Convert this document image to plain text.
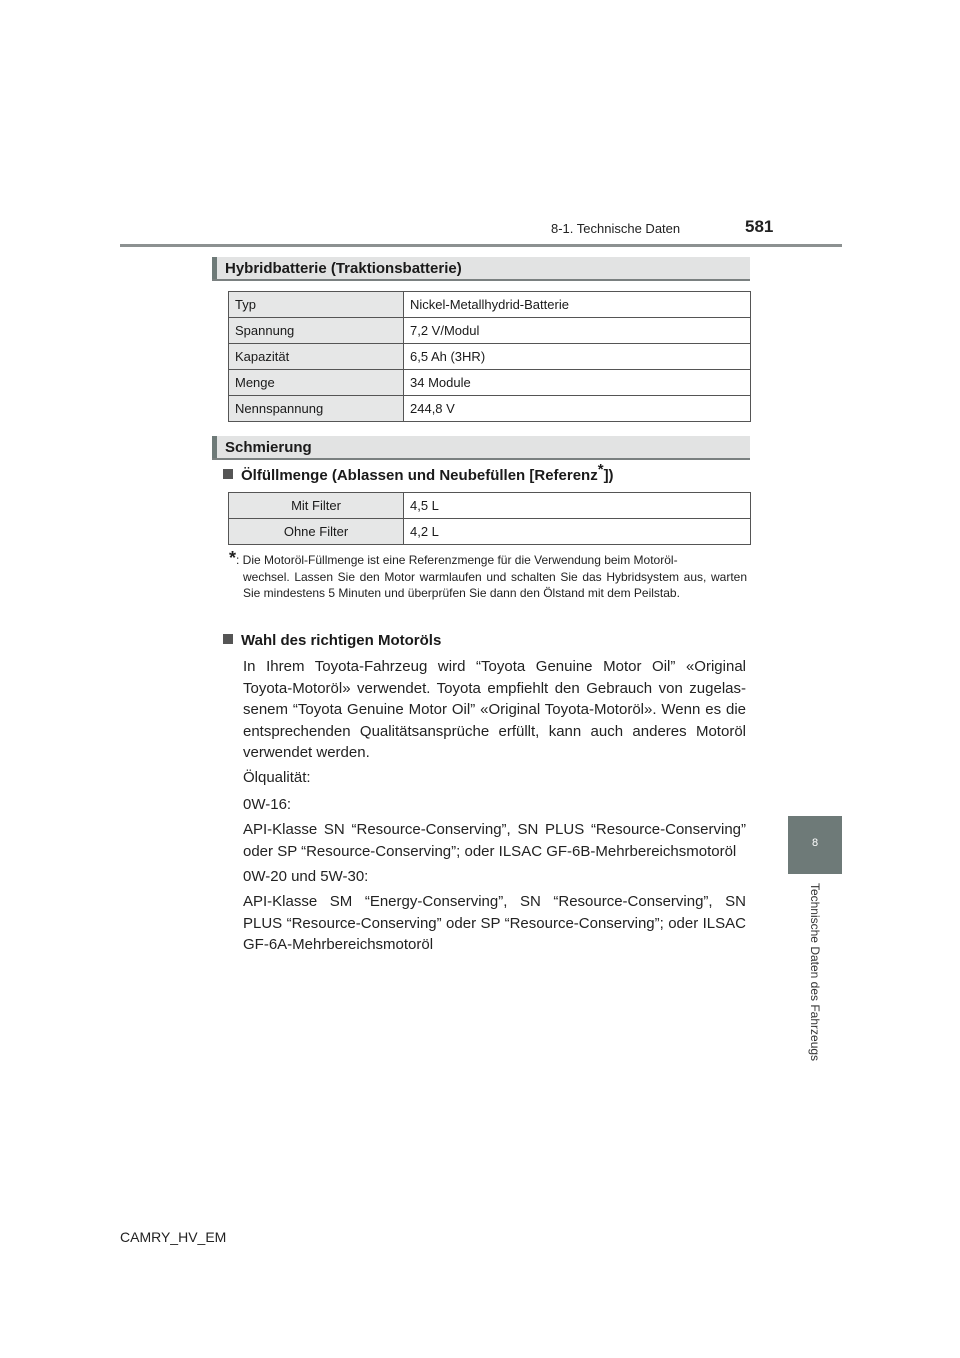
8-1. Technische Daten	581
8
Technische Daten des Fahrzeugs
Hybridbatterie (Traktionsbatterie)
Typ	Nickel-Metallhydrid-Batterie
Spannung	7,2 V/Modul
Kapazität	6,5 Ah (3HR)
Menge	34 Module
Nennspannung	244,8 V
Schmierung
Ölfüllmenge (Ablassen und Neubefüllen [Referenz*])
Mit Filter	4,5 L
Ohne Filter	4,2 L
*: Die Motoröl-Füllmenge ist eine Referenzmenge für die Verwendung beim Motoröl-
wechsel. Lassen Sie den Motor warmlaufen und schalten Sie das Hybridsystem aus, warten Sie mindestens 5 Minuten und überprüfen Sie dann den Ölstand mit dem Peilstab.
Wahl des richtigen Motoröls
In Ihrem Toyota-Fahrzeug wird “Toyota Genuine Motor Oil” «Original Toyota-Motoröl» verwendet. Toyota empfiehlt den Gebrauch von zugelassenem “Toyota Genuine Motor Oil” «Original Toyota-Motoröl». Wenn es die entsprechenden Qualitätsansprüche erfüllt, kann auch anderes Motoröl verwendet werden.
Ölqualität:
0W-16:
API-Klasse SN “Resource-Conserving”, SN PLUS “Resource-Conserving” oder SP “Resource-Conserving”; oder ILSAC GF-6B-Mehrbereichsmotoröl
0W-20 und 5W-30:
API-Klasse SM “Energy-Conserving”, SN “Resource-Conserving”, SN PLUS “Resource-Conserving” oder SP “Resource-Conserving”; oder ILSAC GF-6A-Mehrbereichsmotoröl
CAMRY_HV_EM
